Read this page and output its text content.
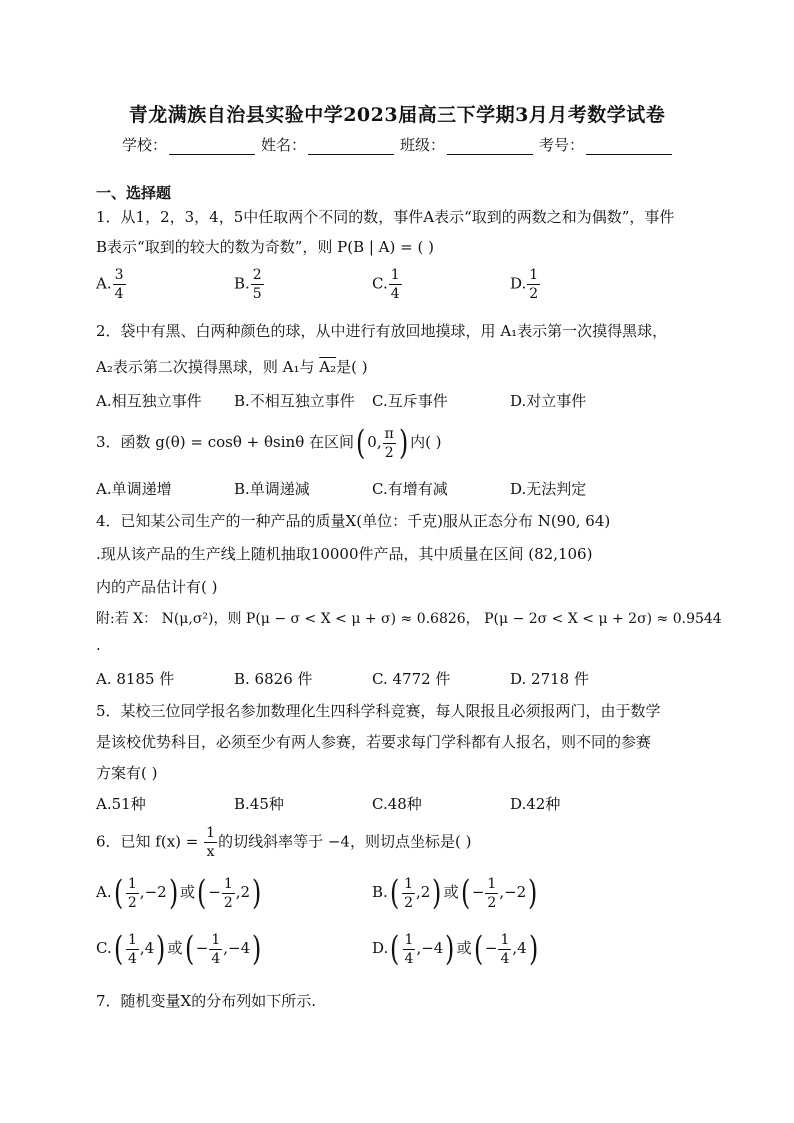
青龙满族自治县实验中学2023届高三下学期3月月考数学试卷
学校：	姓名：	班级：	考号：
一、选择题
1．从1，2，3，4，5中任取两个不同的数，事件A表示“取到的两数之和为偶数”，事件
B表示“取到的较大的数为奇数”，则 P(B | A) = ( )
A. $\frac{3}{4}$	B. $\frac{2}{5}$	C. $\frac{1}{4}$	D. $\frac{1}{2}$
2．袋中有黑、白两种颜色的球，从中进行有放回地摸球，用 A₁表示第一次摸得黑球，
A₂表示第二次摸得黑球，则 A₁与 A₂是( )
A.相互独立事件 B.不相互独立事件 C.互斥事件	D.对立事件
3．函数 g(θ) = cosθ + θsinθ 在区间( 0, $\frac{\pi}{2}$ ) 内( )
A.单调递增	B.单调递减	C.有增有减	D.无法判定
4．已知某公司生产的一种产品的质量X(单位：千克)服从正态分布 N(90, 64)
.现从该产品的生产线上随机抽取10000件产品，其中质量在区间 (82,106)
内的产品估计有( )
附:若 X： N(μ,σ²)，则 P(μ − σ < X < μ + σ) ≈ 0.6826， P(μ − 2σ < X < μ + 2σ) ≈ 0.9544
.
A. 8185 件	B. 6826 件	C. 4772 件	D. 2718 件
5．某校三位同学报名参加数理化生四科学科竞赛，每人限报且必须报两门，由于数学
是该校优势科目，必须至少有两人参赛，若要求每门学科都有人报名，则不同的参赛
方案有( )
A.51种	B.45种	C.48种	D.42种
6．已知 $f(x) = \frac{1}{x}$ 的切线斜率等于 −4，则切点坐标是( )
$A.( \frac{1}{2} ,-2)$ 或( − $\frac{1}{2} ,2$)	$B.( \frac{1}{2} ,2)$ 或( − $\frac{1}{2} ,-2$)
$C.( \frac{1}{4} ,4)$ 或( − $\frac{1}{4} ,-4$)	$D.( \frac{1}{4} ,-4)$ 或( − $\frac{1}{4} ,4$)
7．随机变量X的分布列如下所示.
